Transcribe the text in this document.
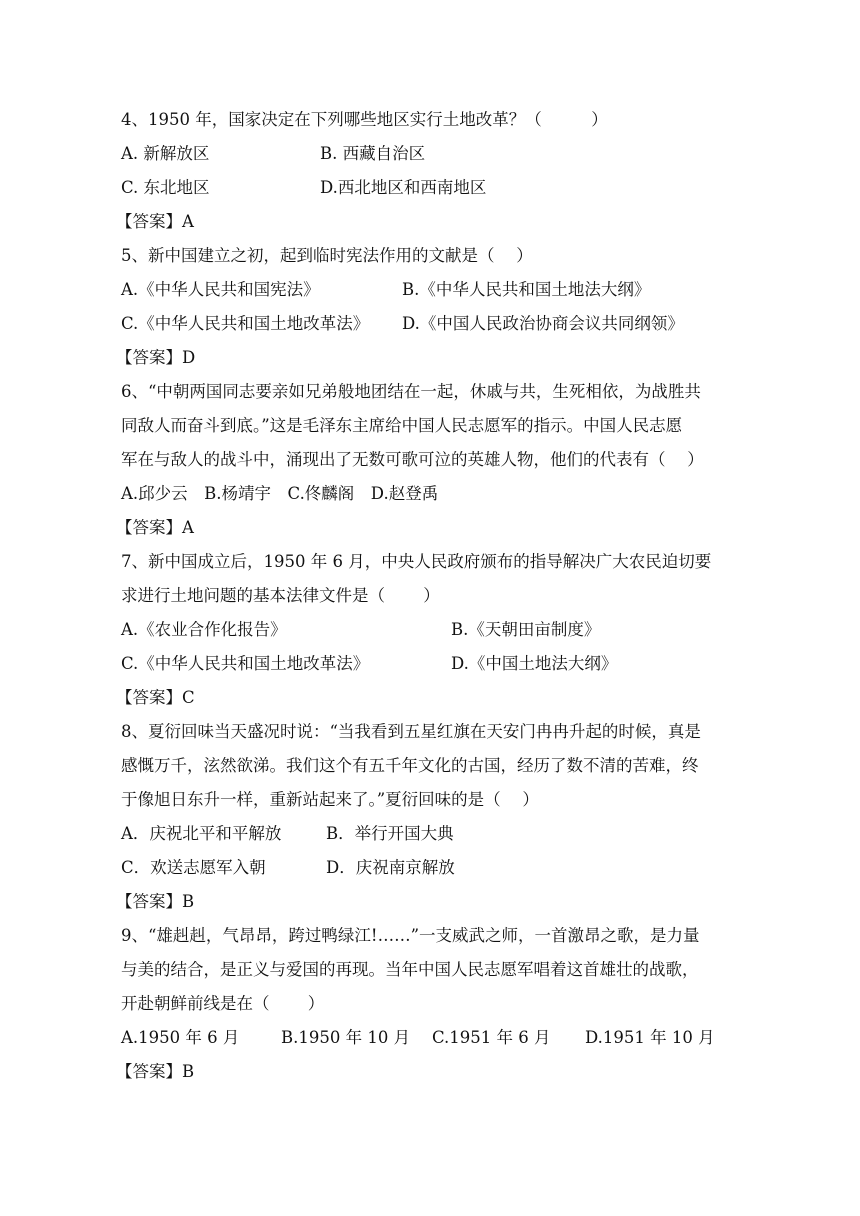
4、1950 年，国家决定在下列哪些地区实行土地改革？（　　　）
A. 新解放区	B. 西藏自治区
C. 东北地区	D.西北地区和西南地区
【答案】A
5、新中国建立之初，起到临时宪法作用的文献是（　 ）
A.《中华人民共和国宪法》	B.《中华人民共和国土地法大纲》
C.《中华人民共和国土地改革法》 D.《中国人民政治协商会议共同纲领》
【答案】D
6、“中朝两国同志要亲如兄弟般地团结在一起，休戚与共，生死相依，为战胜共
同敌人而奋斗到底。”这是毛泽东主席给中国人民志愿军的指示。中国人民志愿
军在与敌人的战斗中，涌现出了无数可歌可泣的英雄人物，他们的代表有（　 ）
A.邱少云　B.杨靖宇　C.佟麟阁　D.赵登禹
【答案】A
7、新中国成立后，1950 年 6 月，中央人民政府颁布的指导解决广大农民迫切要
求进行土地问题的基本法律文件是（　　 ）
A.《农业合作化报告》	B.《天朝田亩制度》
C.《中华人民共和国土地改革法》	D.《中国土地法大纲》
【答案】C
8、夏衍回味当天盛况时说：“当我看到五星红旗在天安门冉冉升起的时候，真是
感慨万千，泫然欲涕。我们这个有五千年文化的古国，经历了数不清的苦难，终
于像旭日东升一样，重新站起来了。”夏衍回味的是（　 ）
A．庆祝北平和平解放	B．举行开国大典
C．欢送志愿军入朝	D．庆祝南京解放
【答案】B
9、“雄赳赳，气昂昂，跨过鸭绿江!……”一支威武之师，一首激昂之歌，是力量
与美的结合，是正义与爱国的再现。当年中国人民志愿军唱着这首雄壮的战歌，
开赴朝鲜前线是在（　　 ）
A.1950 年 6 月	B.1950 年 10 月 C.1951 年 6 月 D.1951 年 10 月
【答案】B
